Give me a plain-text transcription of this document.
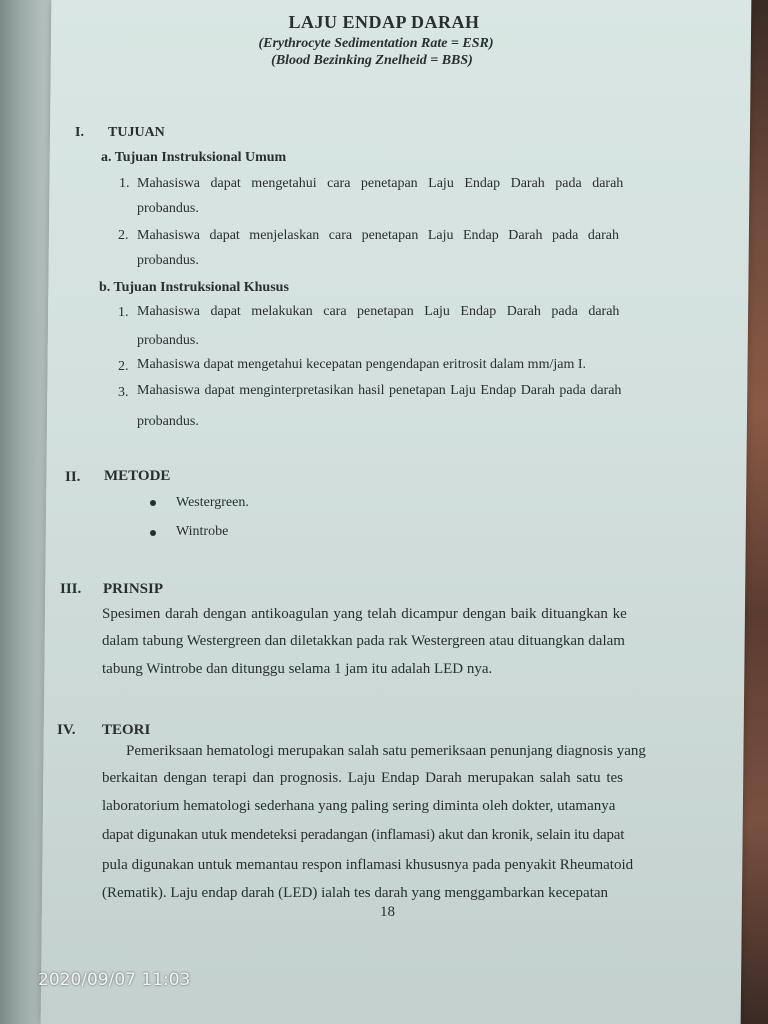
LAJU ENDAP DARAH
(Erythrocyte Sedimentation Rate = ESR)
(Blood Bezinking Znelheid = BBS)
I. TUJUAN
a. Tujuan Instruksional Umum
1. Mahasiswa dapat mengetahui cara penetapan Laju Endap Darah pada darah
probandus.
2. Mahasiswa dapat menjelaskan cara penetapan Laju Endap Darah pada darah
probandus.
b. Tujuan Instruksional Khusus
1. Mahasiswa dapat melakukan cara penetapan Laju Endap Darah pada darah
probandus.
2. Mahasiswa dapat mengetahui kecepatan pengendapan eritrosit dalam mm/jam I.
3. Mahasiswa dapat menginterpretasikan hasil penetapan Laju Endap Darah pada darah
probandus.
II. METODE
Westergreen.
Wintrobe
III. PRINSIP
Spesimen darah dengan antikoagulan yang telah dicampur dengan baik dituangkan ke
dalam tabung Westergreen dan diletakkan pada rak Westergreen atau dituangkan dalam
tabung Wintrobe dan ditunggu selama 1 jam itu adalah LED nya.
IV. TEORI
Pemeriksaan hematologi merupakan salah satu pemeriksaan penunjang diagnosis yang
berkaitan dengan terapi dan prognosis. Laju Endap Darah merupakan salah satu tes
laboratorium hematologi sederhana yang paling sering diminta oleh dokter, utamanya
dapat digunakan utuk mendeteksi peradangan (inflamasi) akut dan kronik, selain itu dapat
pula digunakan untuk memantau respon inflamasi khususnya pada penyakit Rheumatoid
(Rematik). Laju endap darah (LED) ialah tes darah yang menggambarkan kecepatan
18
2020/09/07 11:03
